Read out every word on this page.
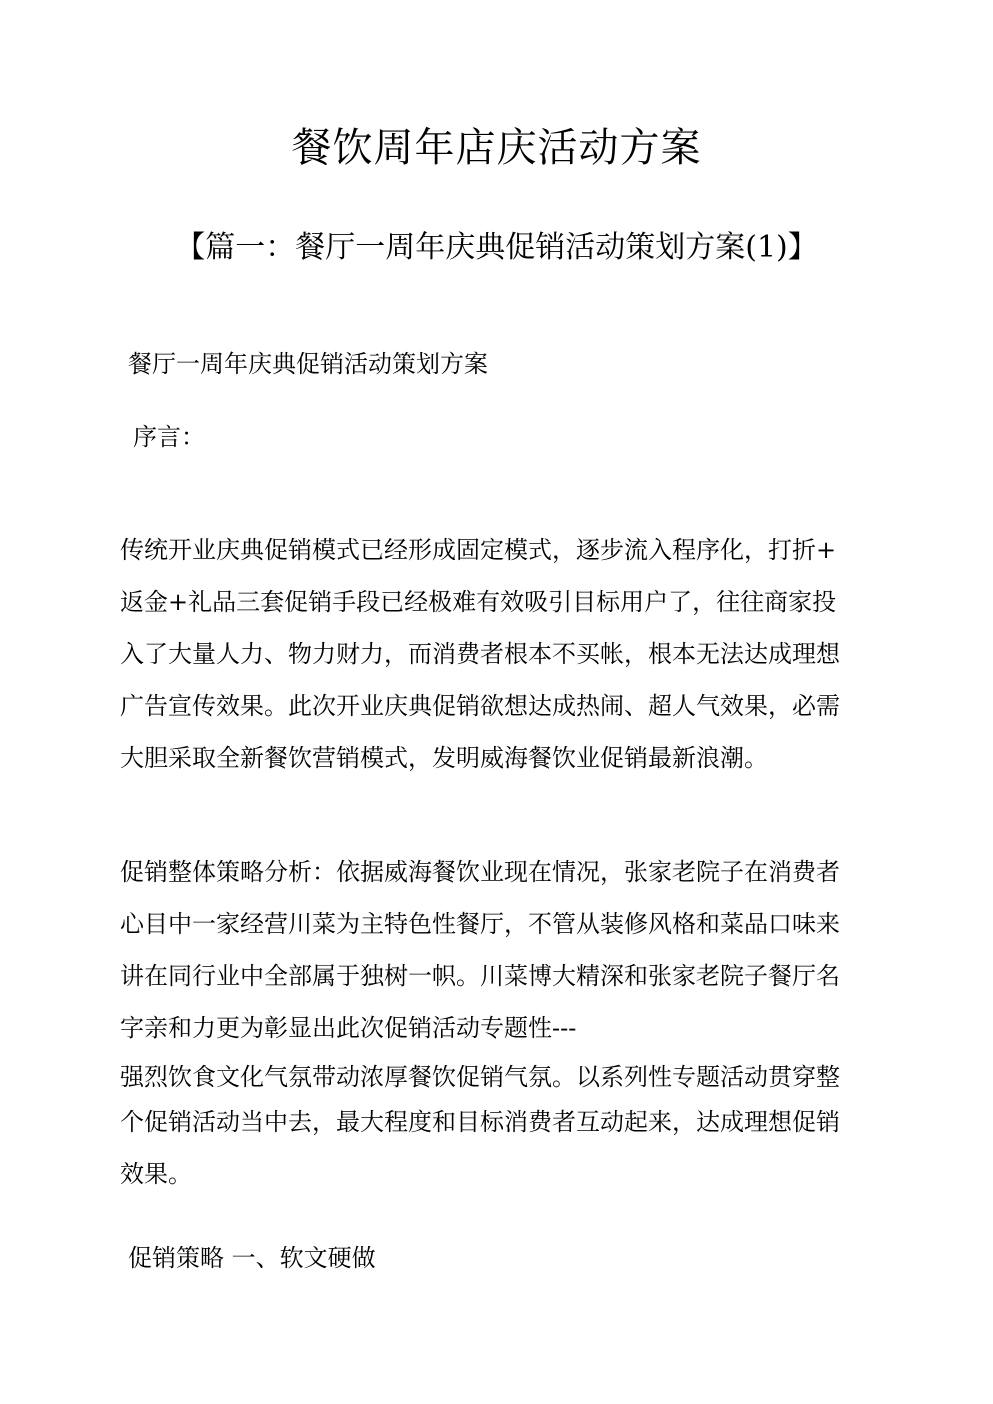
餐饮周年店庆活动方案
【篇一：餐厅一周年庆典促销活动策划方案(1)】

餐厅一周年庆典促销活动策划方案

序言：

传统开业庆典促销模式已经形成固定模式，逐步流入程序化，打折+
返金+礼品三套促销手段已经极难有效吸引目标用户了，往往商家投
入了大量人力、物力财力，而消费者根本不买帐，根本无法达成理想
广告宣传效果。此次开业庆典促销欲想达成热闹、超人气效果，必需
大胆采取全新餐饮营销模式，发明威海餐饮业促销最新浪潮。
促销整体策略分析：依据威海餐饮业现在情况，张家老院子在消费者
心目中一家经营川菜为主特色性餐厅，不管从装修风格和菜品口味来
讲在同行业中全部属于独树一帜。川菜博大精深和张家老院子餐厅名
字亲和力更为彰显出此次促销活动专题性---
强烈饮食文化气氛带动浓厚餐饮促销气氛。以系列性专题活动贯穿整
个促销活动当中去，最大程度和目标消费者互动起来，达成理想促销
效果。

促销策略 一、软文硬做
